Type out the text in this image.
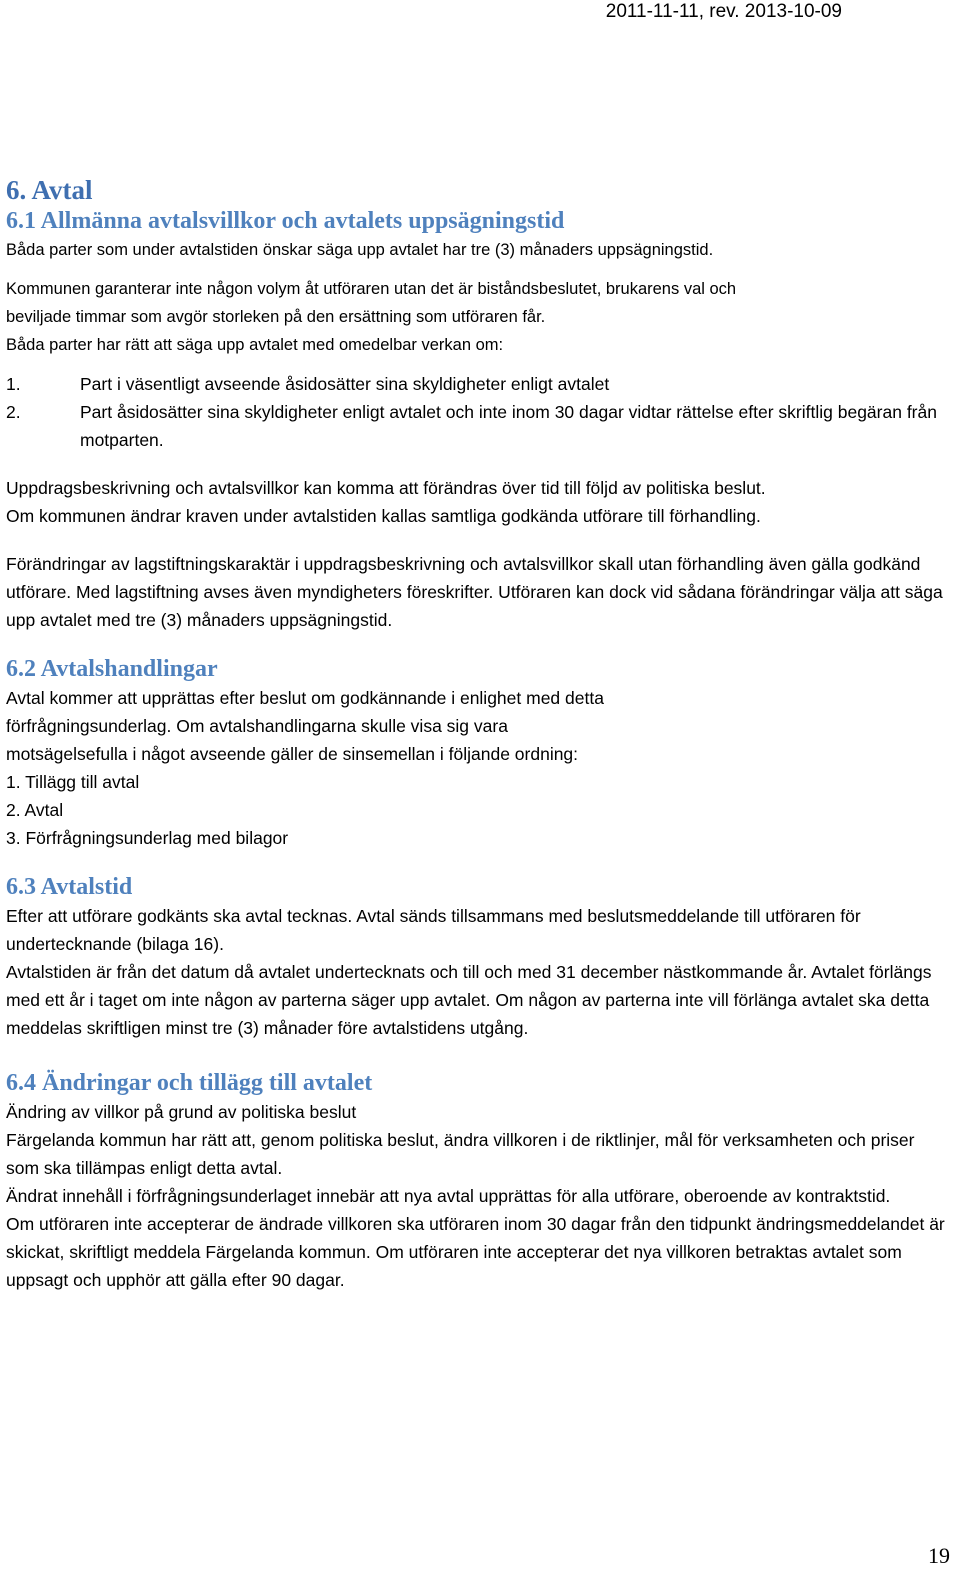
2011-11-11, rev. 2013-10-09
6. Avtal
6.1 Allmänna avtalsvillkor och avtalets uppsägningstid

Båda parter som under avtalstiden önskar säga upp avtalet har tre (3) månaders uppsägningstid.

Kommunen garanterar inte någon volym åt utföraren utan det är biståndsbeslutet, brukarens val och

beviljade timmar som avgör storleken på den ersättning som utföraren får.

Båda parter har rätt att säga upp avtalet med omedelbar verkan om:

1.	Part i väsentligt avseende åsidosätter sina skyldigheter enligt avtalet
2.	Part åsidosätter sina skyldigheter enligt avtalet och inte inom 30 dagar vidtar rättelse efter skriftlig begäran från motparten.

Uppdragsbeskrivning och avtalsvillkor kan komma att förändras över tid till följd av politiska beslut.

Om kommunen ändrar kraven under avtalstiden kallas samtliga godkända utförare till förhandling.

Förändringar av lagstiftningskaraktär i uppdragsbeskrivning och avtalsvillkor skall utan förhandling även gälla godkänd utförare. Med lagstiftning avses även myndigheters föreskrifter. Utföraren kan dock vid sådana förändringar välja att säga upp avtalet med tre (3) månaders uppsägningstid.

6.2 Avtalshandlingar

Avtal kommer att upprättas efter beslut om godkännande i enlighet med detta

förfrågningsunderlag. Om avtalshandlingarna skulle visa sig vara

motsägelsefulla i något avseende gäller de sinsemellan i följande ordning:

1. Tillägg till avtal
2. Avtal
3. Förfrågningsunderlag med bilagor
6.3 Avtalstid

Efter att utförare godkänts ska avtal tecknas. Avtal sänds tillsammans med beslutsmeddelande till utföraren för undertecknande (bilaga 16).

Avtalstiden är från det datum då avtalet undertecknats och till och med 31 december nästkommande år. Avtalet förlängs med ett år i taget om inte någon av parterna säger upp avtalet. Om någon av parterna inte vill förlänga avtalet ska detta meddelas skriftligen minst tre (3) månader före avtalstidens utgång.

6.4 Ändringar och tillägg till avtalet

Ändring av villkor på grund av politiska beslut

Färgelanda kommun har rätt att, genom politiska beslut, ändra villkoren i de riktlinjer, mål för verksamheten och priser som ska tillämpas enligt detta avtal.

Ändrat innehåll i förfrågningsunderlaget innebär att nya avtal upprättas för alla utförare, oberoende av kontraktstid.

Om utföraren inte accepterar de ändrade villkoren ska utföraren inom 30 dagar från den tidpunkt ändringsmeddelandet är skickat, skriftligt meddela Färgelanda kommun. Om utföraren inte accepterar det nya villkoren betraktas avtalet som uppsagt och upphör att gälla efter 90 dagar.

19
